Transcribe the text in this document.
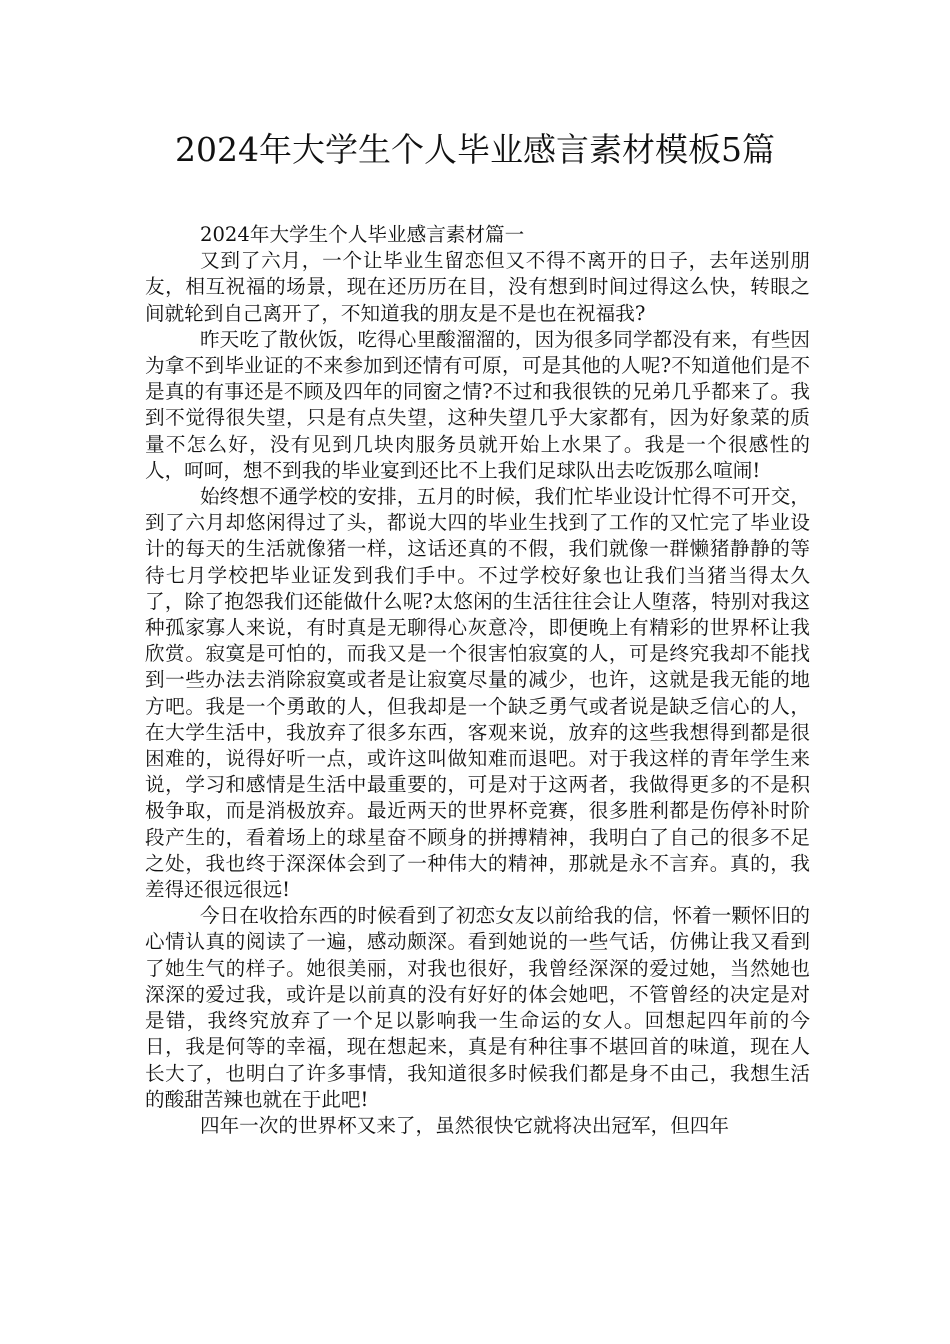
2024年大学生个人毕业感言素材模板5篇
2024年大学生个人毕业感言素材篇一

又到了六月，一个让毕业生留恋但又不得不离开的日子，去年送别朋友，相互祝福的场景，现在还历历在目，没有想到时间过得这么快，转眼之间就轮到自己离开了，不知道我的朋友是不是也在祝福我?

昨天吃了散伙饭，吃得心里酸溜溜的，因为很多同学都没有来，有些因为拿不到毕业证的不来参加到还情有可原，可是其他的人呢?不知道他们是不是真的有事还是不顾及四年的同窗之情?不过和我很铁的兄弟几乎都来了。我到不觉得很失望，只是有点失望，这种失望几乎大家都有，因为好象菜的质量不怎么好，没有见到几块肉服务员就开始上水果了。我是一个很感性的人，呵呵，想不到我的毕业宴到还比不上我们足球队出去吃饭那么喧闹!

始终想不通学校的安排，五月的时候，我们忙毕业设计忙得不可开交，到了六月却悠闲得过了头，都说大四的毕业生找到了工作的又忙完了毕业设计的每天的生活就像猪一样，这话还真的不假，我们就像一群懒猪静静的等待七月学校把毕业证发到我们手中。不过学校好象也让我们当猪当得太久了，除了抱怨我们还能做什么呢?太悠闲的生活往往会让人堕落，特别对我这种孤家寡人来说，有时真是无聊得心灰意冷，即便晚上有精彩的世界杯让我欣赏。寂寞是可怕的，而我又是一个很害怕寂寞的人，可是终究我却不能找到一些办法去消除寂寞或者是让寂寞尽量的减少，也许，这就是我无能的地方吧。我是一个勇敢的人，但我却是一个缺乏勇气或者说是缺乏信心的人，在大学生活中，我放弃了很多东西，客观来说，放弃的这些我想得到都是很困难的，说得好听一点，或许这叫做知难而退吧。对于我这样的青年学生来说，学习和感情是生活中最重要的，可是对于这两者，我做得更多的不是积极争取，而是消极放弃。最近两天的世界杯竞赛，很多胜利都是伤停补时阶段产生的，看着场上的球星奋不顾身的拼搏精神，我明白了自己的很多不足之处，我也终于深深体会到了一种伟大的精神，那就是永不言弃。真的，我差得还很远很远!

今日在收拾东西的时候看到了初恋女友以前给我的信，怀着一颗怀旧的心情认真的阅读了一遍，感动颇深。看到她说的一些气话，仿佛让我又看到了她生气的样子。她很美丽，对我也很好，我曾经深深的爱过她，当然她也深深的爱过我，或许是以前真的没有好好的体会她吧，不管曾经的决定是对是错，我终究放弃了一个足以影响我一生命运的女人。回想起四年前的今日，我是何等的幸福，现在想起来，真是有种往事不堪回首的味道，现在人长大了，也明白了许多事情，我知道很多时候我们都是身不由己，我想生活的酸甜苦辣也就在于此吧!

四年一次的世界杯又来了，虽然很快它就将决出冠军，但四年
